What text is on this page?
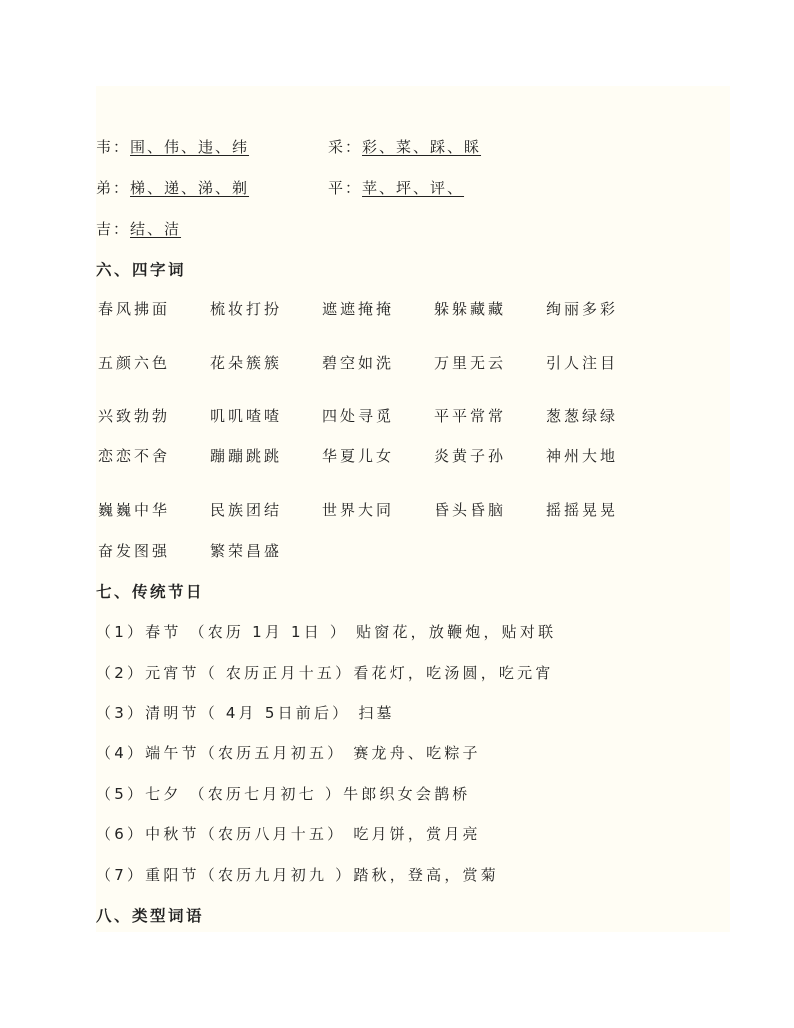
韦：围、伟、违、纬	采：彩、菜、踩、睬
弟：梯、递、涕、剃	平：苹、坪、评、
吉：结、洁
六、四字词
春风拂面	梳妆打扮	遮遮掩掩	躲躲藏藏	绚丽多彩
五颜六色	花朵簇簇	碧空如洗	万里无云	引人注目
兴致勃勃	叽叽喳喳	四处寻觅	平平常常	葱葱绿绿
恋恋不舍	蹦蹦跳跳	华夏儿女	炎黄子孙	神州大地
巍巍中华	民族团结	世界大同	昏头昏脑	摇摇晃晃
奋发图强	繁荣昌盛
七、传统节日
（1）春节 （农历 1月 1日 ） 贴窗花，放鞭炮，贴对联
（2）元宵节（ 农历正月十五）看花灯，吃汤圆，吃元宵
（3）清明节（ 4月 5日前后） 扫墓
（4）端午节（农历五月初五） 赛龙舟、吃粽子
（5）七夕 （农历七月初七 ）牛郎织女会鹊桥
（6）中秋节（农历八月十五） 吃月饼，赏月亮
（7）重阳节（农历九月初九 ）踏秋，登高，赏菊
八、类型词语
